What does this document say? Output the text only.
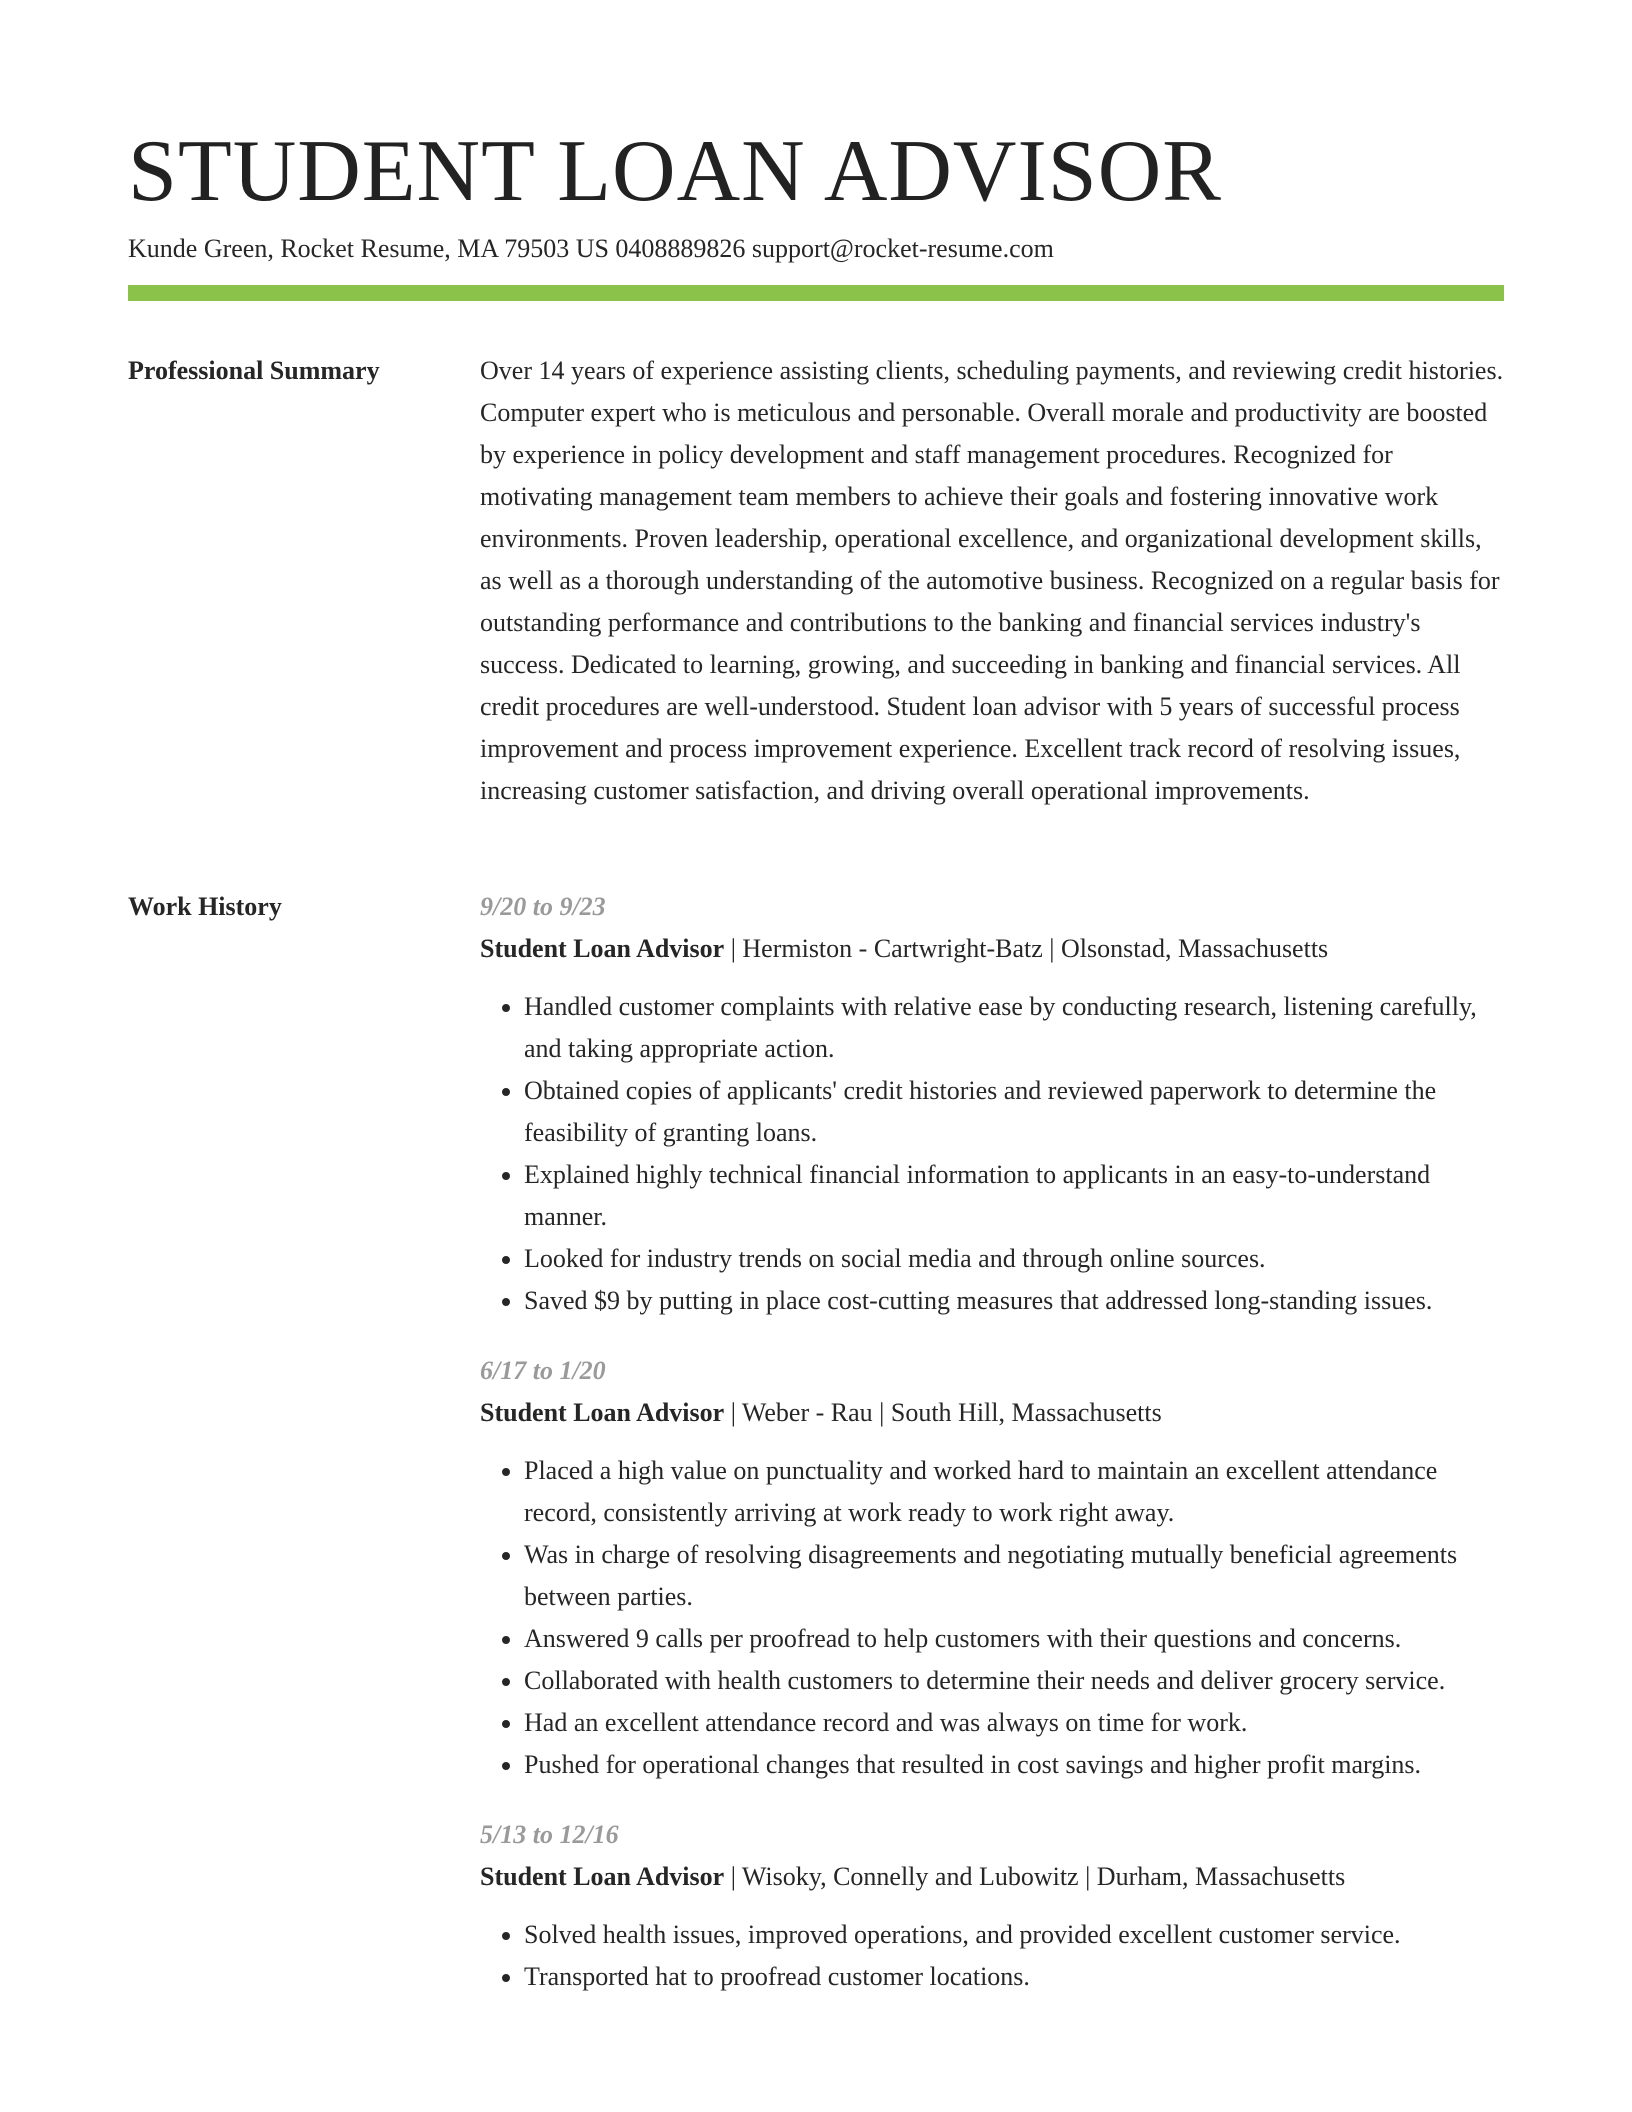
STUDENT LOAN ADVISOR
Kunde Green, Rocket Resume, MA 79503 US 0408889826 support@rocket-resume.com
Professional Summary	Over 14 years of experience assisting clients, scheduling payments, and reviewing credit histories. Computer expert who is meticulous and personable. Overall morale and productivity are boosted by experience in policy development and staff management procedures. Recognized for motivating management team members to achieve their goals and fostering innovative work environments. Proven leadership, operational excellence, and organizational development skills, as well as a thorough understanding of the automotive business. Recognized on a regular basis for outstanding performance and contributions to the banking and financial services industry's success. Dedicated to learning, growing, and succeeding in banking and financial services. All credit procedures are well-understood. Student loan advisor with 5 years of successful process improvement and process improvement experience. Excellent track record of resolving issues, increasing customer satisfaction, and driving overall operational improvements.
Work History	9/20 to 9/23
Student Loan Advisor | Hermiston - Cartwright-Batz | Olsonstad, Massachusetts
• Handled customer complaints with relative ease by conducting research, listening carefully, and taking appropriate action.
• Obtained copies of applicants' credit histories and reviewed paperwork to determine the feasibility of granting loans.
• Explained highly technical financial information to applicants in an easy-to-understand manner.
• Looked for industry trends on social media and through online sources.
• Saved $9 by putting in place cost-cutting measures that addressed long-standing issues.
6/17 to 1/20
Student Loan Advisor | Weber - Rau | South Hill, Massachusetts
• Placed a high value on punctuality and worked hard to maintain an excellent attendance record, consistently arriving at work ready to work right away.
• Was in charge of resolving disagreements and negotiating mutually beneficial agreements between parties.
• Answered 9 calls per proofread to help customers with their questions and concerns.
• Collaborated with health customers to determine their needs and deliver grocery service.
• Had an excellent attendance record and was always on time for work.
• Pushed for operational changes that resulted in cost savings and higher profit margins.
5/13 to 12/16
Student Loan Advisor | Wisoky, Connelly and Lubowitz | Durham, Massachusetts
• Solved health issues, improved operations, and provided excellent customer service.
• Transported hat to proofread customer locations.
